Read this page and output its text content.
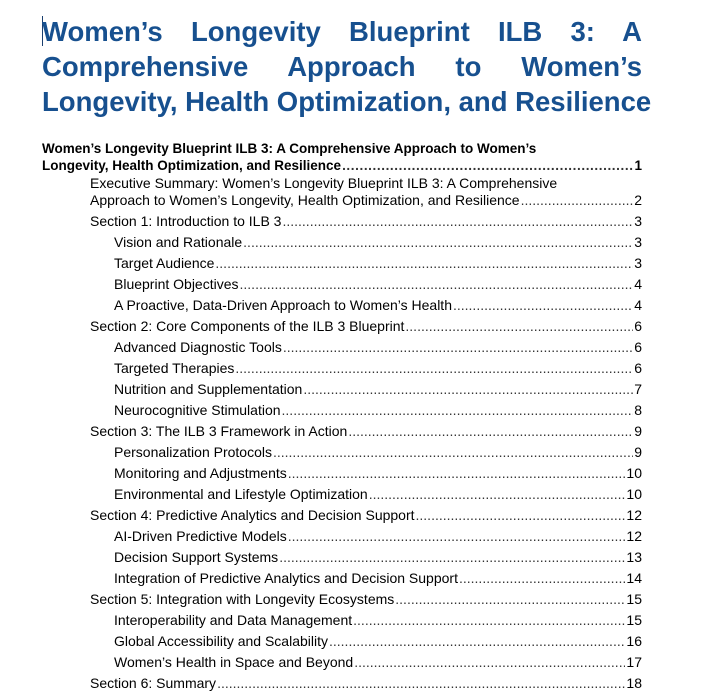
Women’s Longevity Blueprint ILB 3: A
Comprehensive Approach to Women’s
Longevity, Health Optimization, and Resilience
Women’s Longevity Blueprint ILB 3: A Comprehensive Approach to Women’s
Longevity, Health Optimization, and Resilience .....	1
Executive Summary: Women’s Longevity Blueprint ILB 3: A Comprehensive
Approach to Women’s Longevity, Health Optimization, and Resilience .....	2
Section 1: Introduction to ILB 3 .....	3
Vision and Rationale .....	3
Target Audience .....	3
Blueprint Objectives .....	4
A Proactive, Data-Driven Approach to Women’s Health .....	4
Section 2: Core Components of the ILB 3 Blueprint .....	6
Advanced Diagnostic Tools .....	6
Targeted Therapies .....	6
Nutrition and Supplementation .....	7
Neurocognitive Stimulation .....	8
Section 3: The ILB 3 Framework in Action .....	9
Personalization Protocols .....	9
Monitoring and Adjustments .....	10
Environmental and Lifestyle Optimization .....	10
Section 4: Predictive Analytics and Decision Support .....	12
AI-Driven Predictive Models .....	12
Decision Support Systems .....	13
Integration of Predictive Analytics and Decision Support .....	14
Section 5: Integration with Longevity Ecosystems .....	15
Interoperability and Data Management .....	15
Global Accessibility and Scalability .....	16
Women’s Health in Space and Beyond .....	17
Section 6: Summary .....	18
